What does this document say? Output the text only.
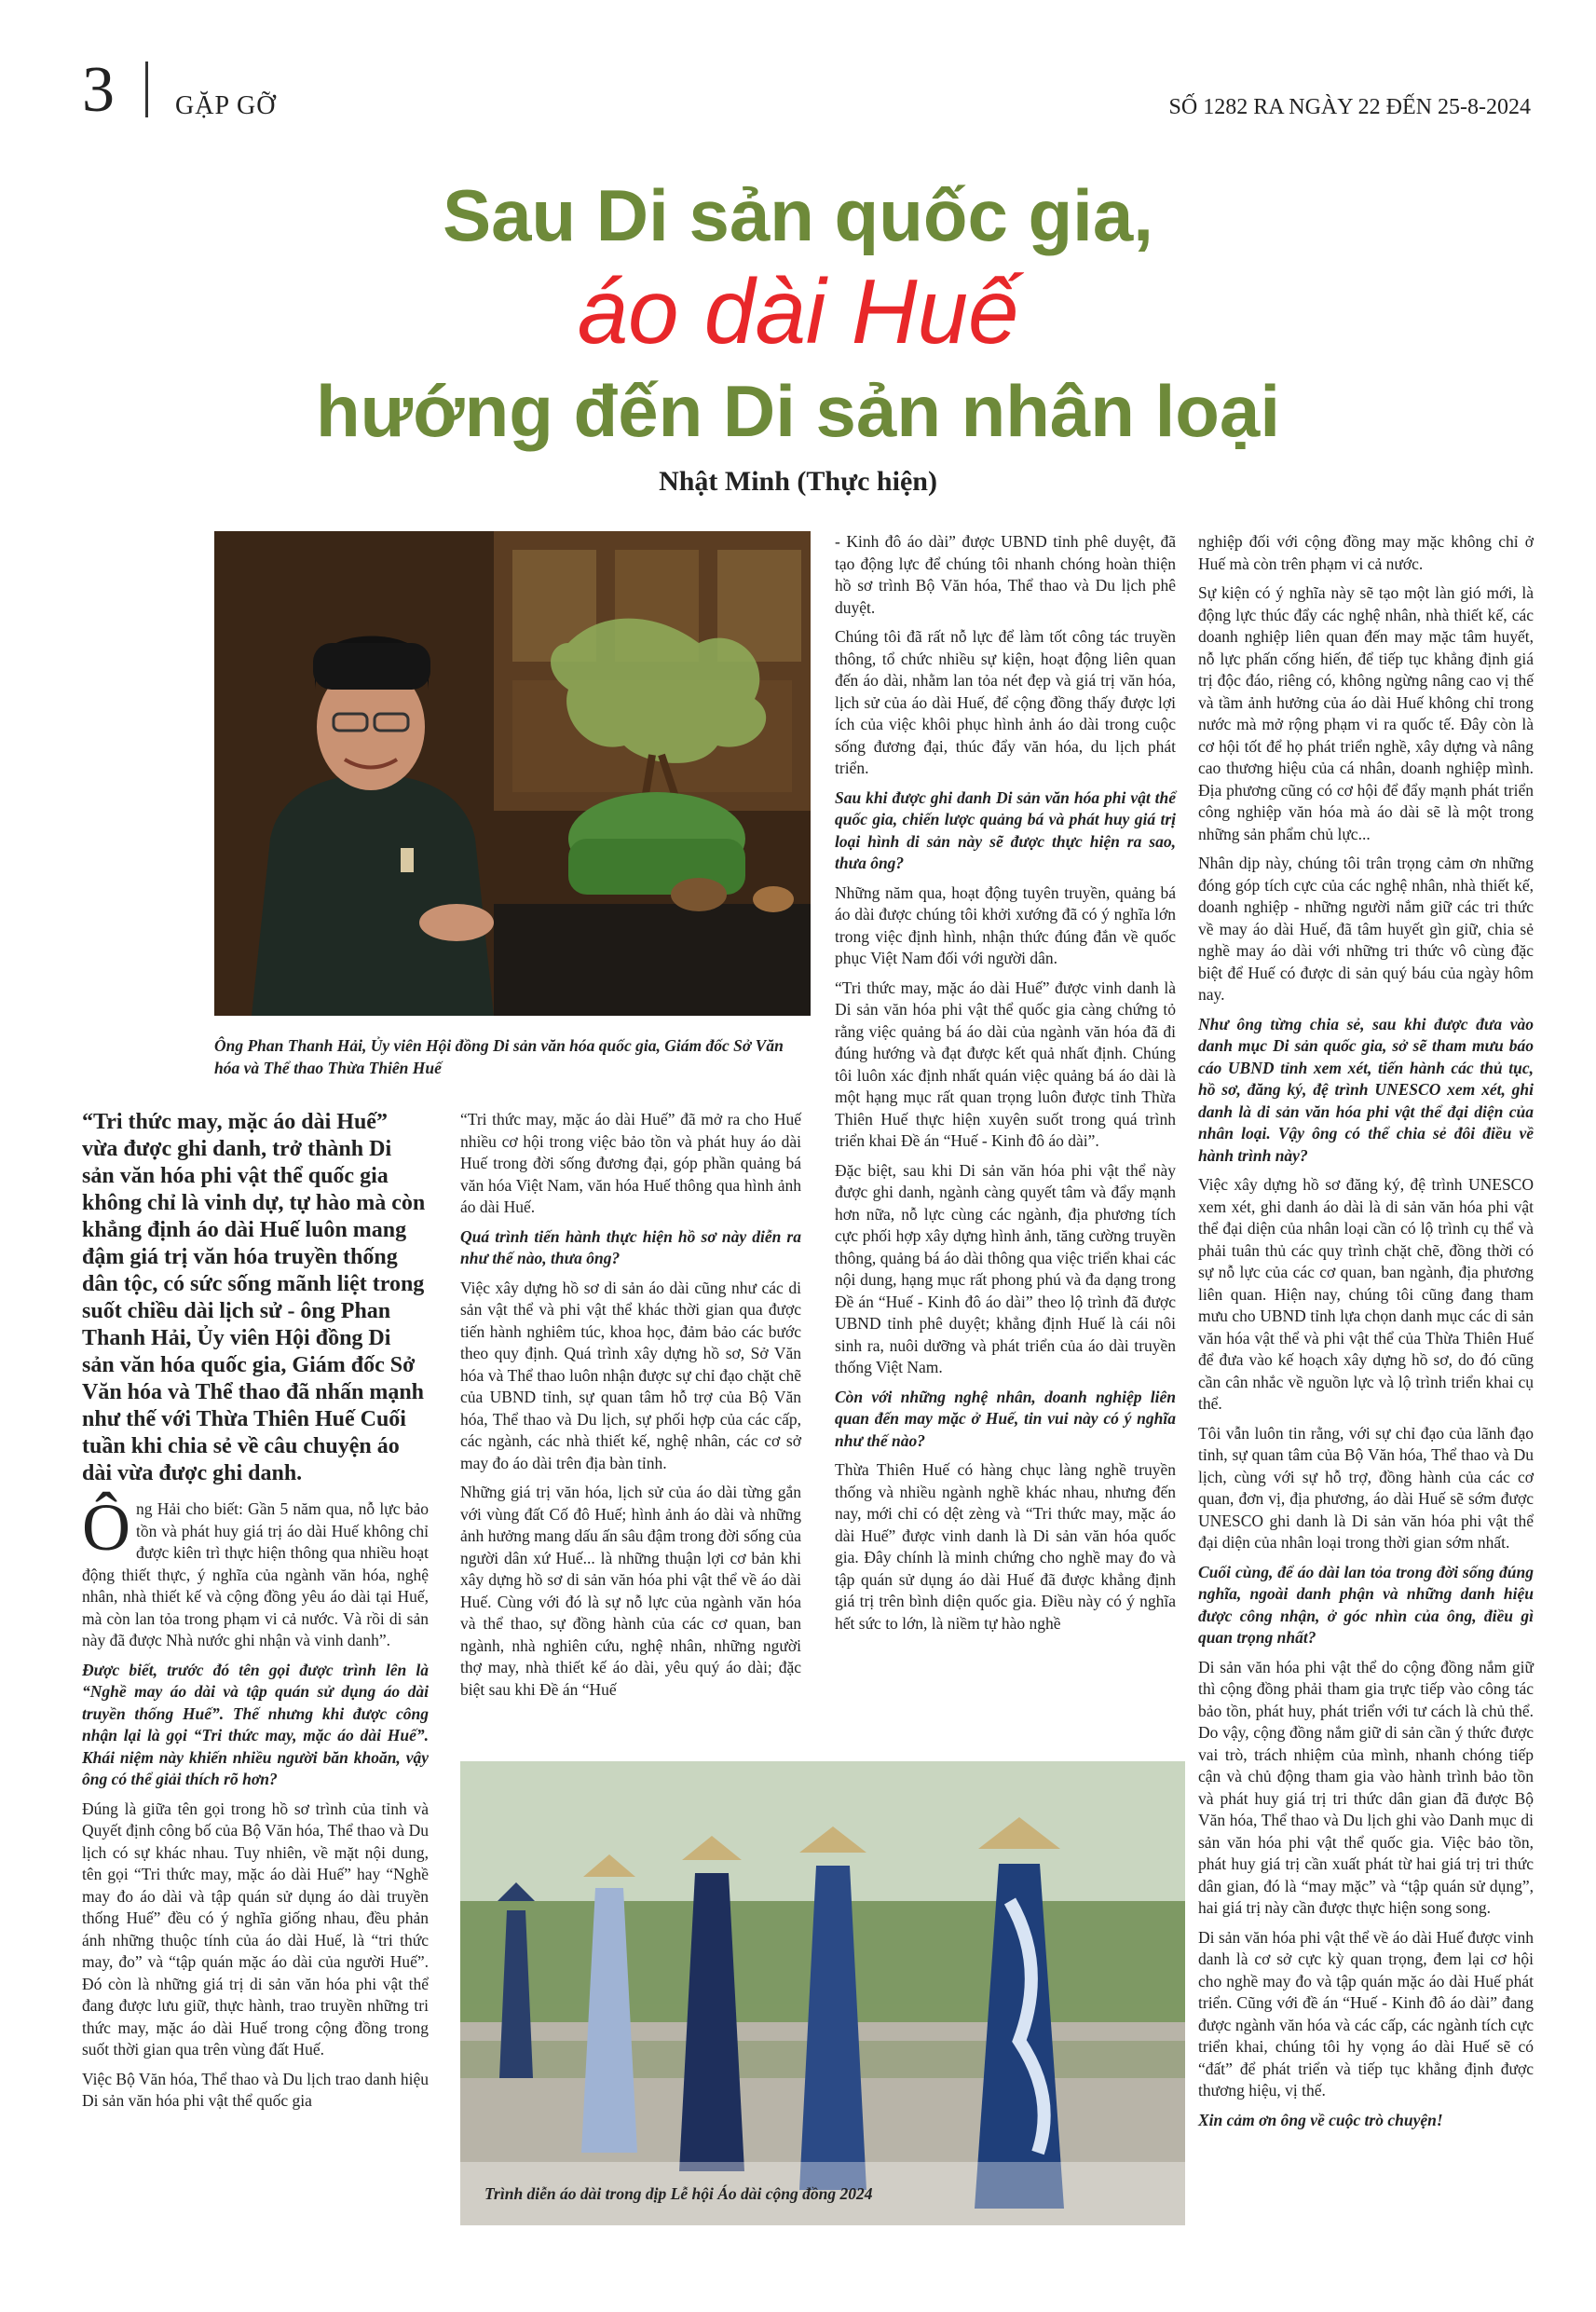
3 GẶP GỠ	SỐ 1282 RA NGÀY 22 ĐẾN 25-8-2024
Sau Di sản quốc gia,
áo dài Huế
hướng đến Di sản nhân loại
Nhật Minh (Thực hiện)
Ông Phan Thanh Hải, Ủy viên Hội đồng Di sản văn hóa quốc gia, Giám đốc Sở Văn hóa và Thể thao Thừa Thiên Huế
“Tri thức may, mặc áo dài Huế” vừa được ghi danh, trở thành Di sản văn hóa phi vật thể quốc gia không chỉ là vinh dự, tự hào mà còn khẳng định áo dài Huế luôn mang đậm giá trị văn hóa truyền thống dân tộc, có sức sống mãnh liệt trong suốt chiều dài lịch sử - ông Phan Thanh Hải, Ủy viên Hội đồng Di sản văn hóa quốc gia, Giám đốc Sở Văn hóa và Thể thao đã nhấn mạnh như thế với Thừa Thiên Huế Cuối tuần khi chia sẻ về câu chuyện áo dài vừa được ghi danh.

Ông Hải cho biết: Gần 5 năm qua, nỗ lực bảo tồn và phát huy giá trị áo dài Huế không chỉ được kiên trì thực hiện thông qua nhiều hoạt động thiết thực, ý nghĩa của ngành văn hóa, nghệ nhân, nhà thiết kế và cộng đồng yêu áo dài tại Huế, mà còn lan tỏa trong phạm vi cả nước. Và rồi di sản này đã được Nhà nước ghi nhận và vinh danh”.

Được biết, trước đó tên gọi được trình lên là “Nghề may áo dài và tập quán sử dụng áo dài truyền thống Huế”. Thế nhưng khi được công nhận lại là gọi “Tri thức may, mặc áo dài Huế”. Khái niệm này khiến nhiều người băn khoăn, vậy ông có thể giải thích rõ hơn?

Đúng là giữa tên gọi trong hồ sơ trình của tỉnh và Quyết định công bố của Bộ Văn hóa, Thể thao và Du lịch có sự khác nhau. Tuy nhiên, về mặt nội dung, tên gọi “Tri thức may, mặc áo dài Huế” hay “Nghề may đo áo dài và tập quán sử dụng áo dài truyền thống Huế” đều có ý nghĩa giống nhau, đều phản ánh những thuộc tính của áo dài Huế, là “tri thức may, đo” và “tập quán mặc áo dài của người Huế”. Đó còn là những giá trị di sản văn hóa phi vật thể đang được lưu giữ, thực hành, trao truyền những tri thức may, mặc áo dài Huế trong cộng đồng trong suốt thời gian qua trên vùng đất Huế.

Việc Bộ Văn hóa, Thể thao và Du lịch trao danh hiệu Di sản văn hóa phi vật thể quốc gia

“Tri thức may, mặc áo dài Huế” đã mở ra cho Huế nhiều cơ hội trong việc bảo tồn và phát huy áo dài Huế trong đời sống đương đại, góp phần quảng bá văn hóa Việt Nam, văn hóa Huế thông qua hình ảnh áo dài Huế.

Quá trình tiến hành thực hiện hồ sơ này diễn ra như thế nào, thưa ông?

Việc xây dựng hồ sơ di sản áo dài cũng như các di sản vật thể và phi vật thể khác thời gian qua được tiến hành nghiêm túc, khoa học, đảm bảo các bước theo quy định. Quá trình xây dựng hồ sơ, Sở Văn hóa và Thể thao luôn nhận được sự chỉ đạo chặt chẽ của UBND tỉnh, sự quan tâm hỗ trợ của Bộ Văn hóa, Thể thao và Du lịch, sự phối hợp của các cấp, các ngành, các nhà thiết kế, nghệ nhân, các cơ sở may đo áo dài trên địa bàn tỉnh.

Những giá trị văn hóa, lịch sử của áo dài từng gắn với vùng đất Cố đô Huế; hình ảnh áo dài và những ảnh hưởng mang dấu ấn sâu đậm trong đời sống của người dân xứ Huế... là những thuận lợi cơ bản khi xây dựng hồ sơ di sản văn hóa phi vật thể về áo dài Huế. Cùng với đó là sự nỗ lực của ngành văn hóa và thể thao, sự đồng hành của các cơ quan, ban ngành, nhà nghiên cứu, nghệ nhân, những người thợ may, nhà thiết kế áo dài, yêu quý áo dài; đặc biệt sau khi Đề án “Huế

- Kinh đô áo dài” được UBND tỉnh phê duyệt, đã tạo động lực để chúng tôi nhanh chóng hoàn thiện hồ sơ trình Bộ Văn hóa, Thể thao và Du lịch phê duyệt.

Chúng tôi đã rất nỗ lực để làm tốt công tác truyền thông, tổ chức nhiều sự kiện, hoạt động liên quan đến áo dài, nhằm lan tỏa nét đẹp và giá trị văn hóa, lịch sử của áo dài Huế, để cộng đồng thấy được lợi ích của việc khôi phục hình ảnh áo dài trong cuộc sống đương đại, thúc đẩy văn hóa, du lịch phát triển.

Sau khi được ghi danh Di sản văn hóa phi vật thể quốc gia, chiến lược quảng bá và phát huy giá trị loại hình di sản này sẽ được thực hiện ra sao, thưa ông?

Những năm qua, hoạt động tuyên truyền, quảng bá áo dài được chúng tôi khởi xướng đã có ý nghĩa lớn trong việc định hình, nhận thức đúng đắn về quốc phục Việt Nam đối với người dân.

“Tri thức may, mặc áo dài Huế” được vinh danh là Di sản văn hóa phi vật thể quốc gia càng chứng tỏ rằng việc quảng bá áo dài của ngành văn hóa đã đi đúng hướng và đạt được kết quả nhất định. Chúng tôi luôn xác định nhất quán việc quảng bá áo dài là một hạng mục rất quan trọng luôn được tỉnh Thừa Thiên Huế thực hiện xuyên suốt trong quá trình triển khai Đề án “Huế - Kinh đô áo dài”.

Đặc biệt, sau khi Di sản văn hóa phi vật thể này được ghi danh, ngành càng quyết tâm và đẩy mạnh hơn nữa, nỗ lực cùng các ngành, địa phương tích cực phối hợp xây dựng hình ảnh, tăng cường truyền thông, quảng bá áo dài thông qua việc triển khai các nội dung, hạng mục rất phong phú và đa dạng trong Đề án “Huế - Kinh đô áo dài” theo lộ trình đã được UBND tỉnh phê duyệt; khẳng định Huế là cái nôi sinh ra, nuôi dưỡng và phát triển của áo dài truyền thống Việt Nam.

Còn với những nghệ nhân, doanh nghiệp liên quan đến may mặc ở Huế, tin vui này có ý nghĩa như thế nào?

Thừa Thiên Huế có hàng chục làng nghề truyền thống và nhiều ngành nghề khác nhau, nhưng đến nay, mới chỉ có dệt zèng và “Tri thức may, mặc áo dài Huế” được vinh danh là Di sản văn hóa quốc gia. Đây chính là minh chứng cho nghề may đo và tập quán sử dụng áo dài Huế đã được khẳng định giá trị trên bình diện quốc gia. Điều này có ý nghĩa hết sức to lớn, là niềm tự hào nghề

nghiệp đối với cộng đồng may mặc không chỉ ở Huế mà còn trên phạm vi cả nước.

Sự kiện có ý nghĩa này sẽ tạo một làn gió mới, là động lực thúc đẩy các nghệ nhân, nhà thiết kế, các doanh nghiệp liên quan đến may mặc tâm huyết, nỗ lực phấn cống hiến, để tiếp tục khẳng định giá trị độc đáo, riêng có, không ngừng nâng cao vị thế và tầm ảnh hưởng của áo dài Huế không chỉ trong nước mà mở rộng phạm vi ra quốc tế. Đây còn là cơ hội tốt để họ phát triển nghề, xây dựng và nâng cao thương hiệu của cá nhân, doanh nghiệp mình. Địa phương cũng có cơ hội để đẩy mạnh phát triển công nghiệp văn hóa mà áo dài sẽ là một trong những sản phẩm chủ lực...

Nhân dịp này, chúng tôi trân trọng cảm ơn những đóng góp tích cực của các nghệ nhân, nhà thiết kế, doanh nghiệp - những người nắm giữ các tri thức về may áo dài Huế, đã tâm huyết gìn giữ, chia sẻ nghề may áo dài với những tri thức vô cùng đặc biệt để Huế có được di sản quý báu của ngày hôm nay.

Như ông từng chia sẻ, sau khi được đưa vào danh mục Di sản quốc gia, sở sẽ tham mưu báo cáo UBND tỉnh xem xét, tiến hành các thủ tục, hồ sơ, đăng ký, đệ trình UNESCO xem xét, ghi danh là di sản văn hóa phi vật thể đại diện của nhân loại. Vậy ông có thể chia sẻ đôi điều về hành trình này?

Việc xây dựng hồ sơ đăng ký, đệ trình UNESCO xem xét, ghi danh áo dài là di sản văn hóa phi vật thể đại diện của nhân loại cần có lộ trình cụ thể và phải tuân thủ các quy trình chặt chẽ, đồng thời có sự nỗ lực của các cơ quan, ban ngành, địa phương liên quan. Hiện nay, chúng tôi cũng đang tham mưu cho UBND tỉnh lựa chọn danh mục các di sản văn hóa vật thể và phi vật thể của Thừa Thiên Huế để đưa vào kế hoạch xây dựng hồ sơ, do đó cũng cần cân nhắc về nguồn lực và lộ trình triển khai cụ thể.

Tôi vẫn luôn tin rằng, với sự chỉ đạo của lãnh đạo tỉnh, sự quan tâm của Bộ Văn hóa, Thể thao và Du lịch, cùng với sự hỗ trợ, đồng hành của các cơ quan, đơn vị, địa phương, áo dài Huế sẽ sớm được UNESCO ghi danh là Di sản văn hóa phi vật thể đại diện của nhân loại trong thời gian sớm nhất.

Cuối cùng, để áo dài lan tỏa trong đời sống đúng nghĩa, ngoài danh phận và những danh hiệu được công nhận, ở góc nhìn của ông, điều gì quan trọng nhất?

Di sản văn hóa phi vật thể do cộng đồng nắm giữ thì cộng đồng phải tham gia trực tiếp vào công tác bảo tồn, phát huy, phát triển với tư cách là chủ thể. Do vậy, cộng đồng nắm giữ di sản cần ý thức được vai trò, trách nhiệm của mình, nhanh chóng tiếp cận và chủ động tham gia vào hành trình bảo tồn và phát huy giá trị tri thức dân gian đã được Bộ Văn hóa, Thể thao và Du lịch ghi vào Danh mục di sản văn hóa phi vật thể quốc gia. Việc bảo tồn, phát huy giá trị cần xuất phát từ hai giá trị tri thức dân gian, đó là “may mặc” và “tập quán sử dụng”, hai giá trị này cần được thực hiện song song.

Di sản văn hóa phi vật thể về áo dài Huế được vinh danh là cơ sở cực kỳ quan trọng, đem lại cơ hội cho nghề may đo và tập quán mặc áo dài Huế phát triển. Cũng với đề án “Huế - Kinh đô áo dài” đang được ngành văn hóa và các cấp, các ngành tích cực triển khai, chúng tôi hy vọng áo dài Huế sẽ có “đất” để phát triển và tiếp tục khẳng định được thương hiệu, vị thế.

Xin cảm ơn ông về cuộc trò chuyện!

Trình diễn áo dài trong dịp Lễ hội Áo dài cộng đồng 2024
